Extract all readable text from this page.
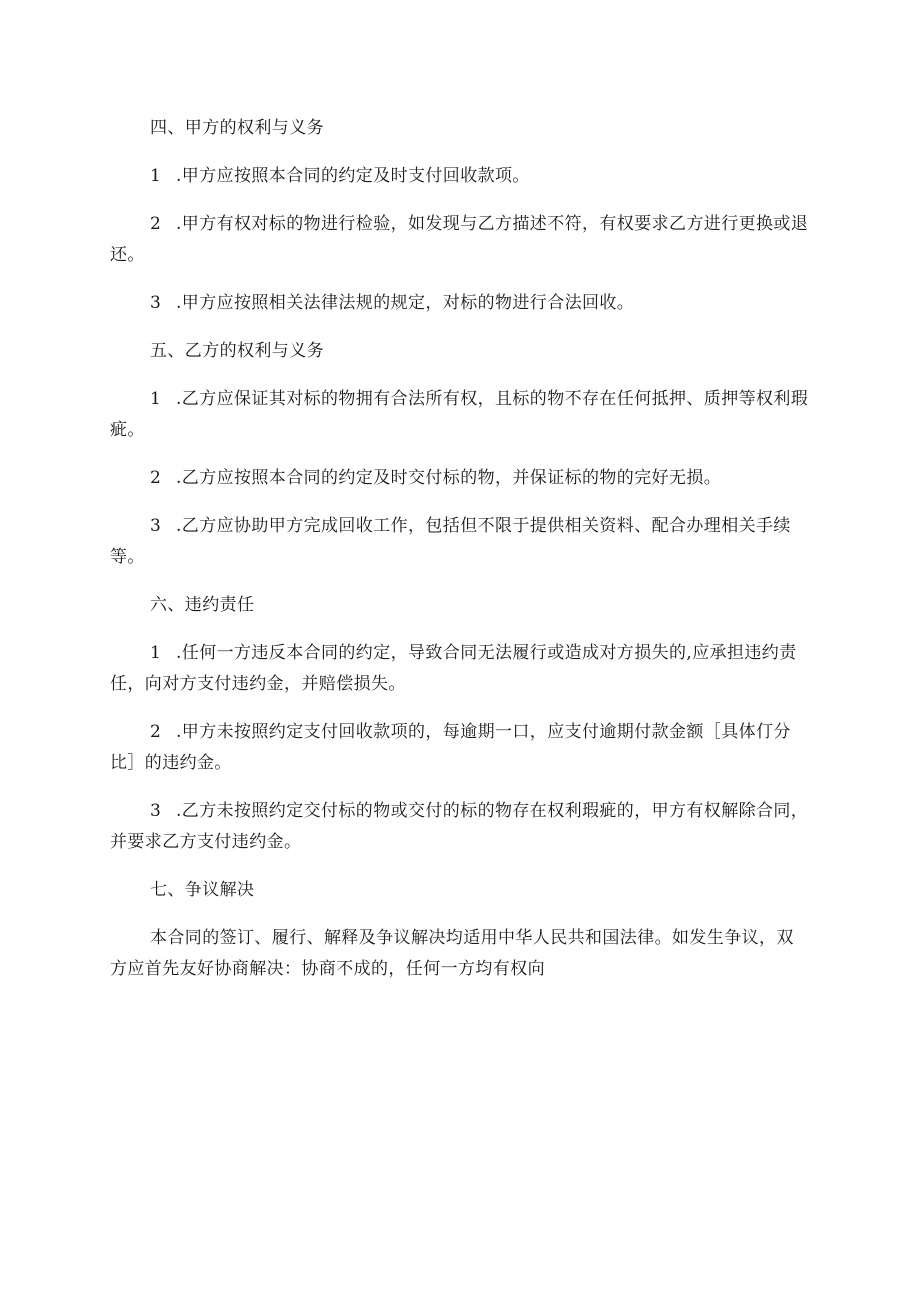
四、甲方的权利与义务

1 .甲方应按照本合同的约定及时支付回收款项。

2 .甲方有权对标的物进行检验，如发现与乙方描述不符，有权要求乙方进行更换或退还。

3 .甲方应按照相关法律法规的规定，对标的物进行合法回收。

五、乙方的权利与义务

1 .乙方应保证其对标的物拥有合法所有权，且标的物不存在任何抵押、质押等权利瑕疵。

2 .乙方应按照本合同的约定及时交付标的物，并保证标的物的完好无损。

3 .乙方应协助甲方完成回收工作，包括但不限于提供相关资料、配合办理相关手续等。

六、违约责任

1 .任何一方违反本合同的约定，导致合同无法履行或造成对方损失的,应承担违约责任，向对方支付违约金，并赔偿损失。

2 .甲方未按照约定支付回收款项的，每逾期一口，应支付逾期付款金额［具体仃分比］的违约金。

3 .乙方未按照约定交付标的物或交付的标的物存在权利瑕疵的，甲方有权解除合同，并要求乙方支付违约金。

七、争议解决

本合同的签订、履行、解释及争议解决均适用中华人民共和国法律。如发生争议，双方应首先友好协商解决：协商不成的，任何一方均有权向
